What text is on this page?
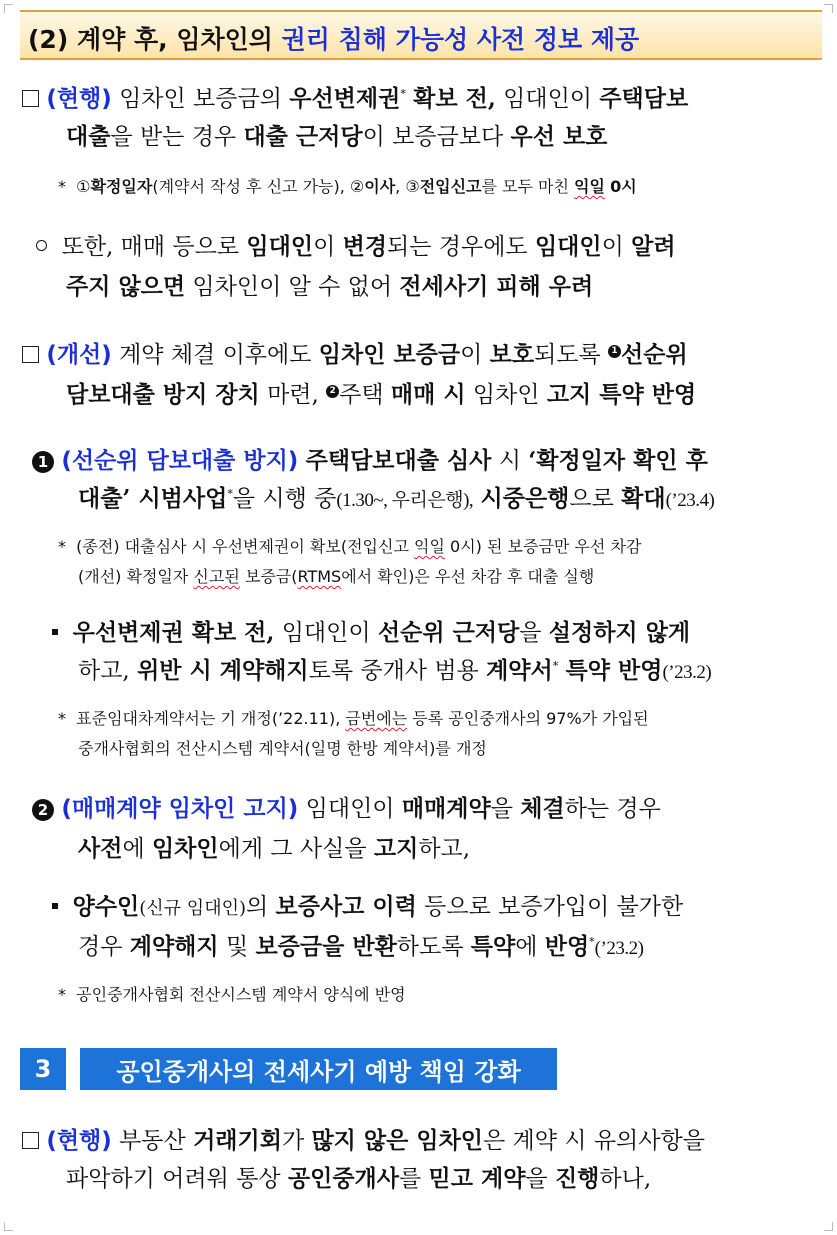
(2) 계약 후, 임차인의 권리 침해 가능성 사전 정보 제공
(현행) 임차인 보증금의 우선변제권* 확보 전, 임대인이 주택담보
대출을 받는 경우 대출 근저당이 보증금보다 우선 보호
* ①확정일자(계약서 작성 후 신고 가능), ②이사, ③전입신고를 모두 마친 익일 0시
또한, 매매 등으로 임대인이 변경되는 경우에도 임대인이 알려
주지 않으면 임차인이 알 수 없어 전세사기 피해 우려
(개선) 계약 체결 이후에도 임차인 보증금이 보호되도록 1 선순위
담보대출 방지 장치 마련, 2 주택 매매 시 임차인 고지 특약 반영
1 (선순위 담보대출 방지) 주택담보대출 심사 시 ‘확정일자 확인 후
대출’ 시범사업*을 시행 중(1.30~, 우리은행), 시중은행으로 확대(’23.4)
* (종전) 대출심사 시 우선변제권이 확보(전입신고 익일 0시) 된 보증금만 우선 차감
(개선) 확정일자 신고된 보증금(RTMS에서 확인)은 우선 차감 후 대출 실행
우선변제권 확보 전, 임대인이 선순위 근저당을 설정하지 않게
하고, 위반 시 계약해지토록 중개사 범용 계약서* 특약 반영(’23.2)
* 표준임대차계약서는 기 개정(’22.11), 금번에는 등록 공인중개사의 97%가 가입된
중개사협회의 전산시스템 계약서(일명 한방 계약서)를 개정
2 (매매계약 임차인 고지) 임대인이 매매계약을 체결하는 경우
사전에 임차인에게 그 사실을 고지하고,
양수인(신규 임대인)의 보증사고 이력 등으로 보증가입이 불가한
경우 계약해지 및 보증금을 반환하도록 특약에 반영*(’23.2)
* 공인중개사협회 전산시스템 계약서 양식에 반영
3	공인중개사의 전세사기 예방 책임 강화
(현행) 부동산 거래기회가 많지 않은 임차인은 계약 시 유의사항을
파악하기 어려워 통상 공인중개사를 믿고 계약을 진행하나,
